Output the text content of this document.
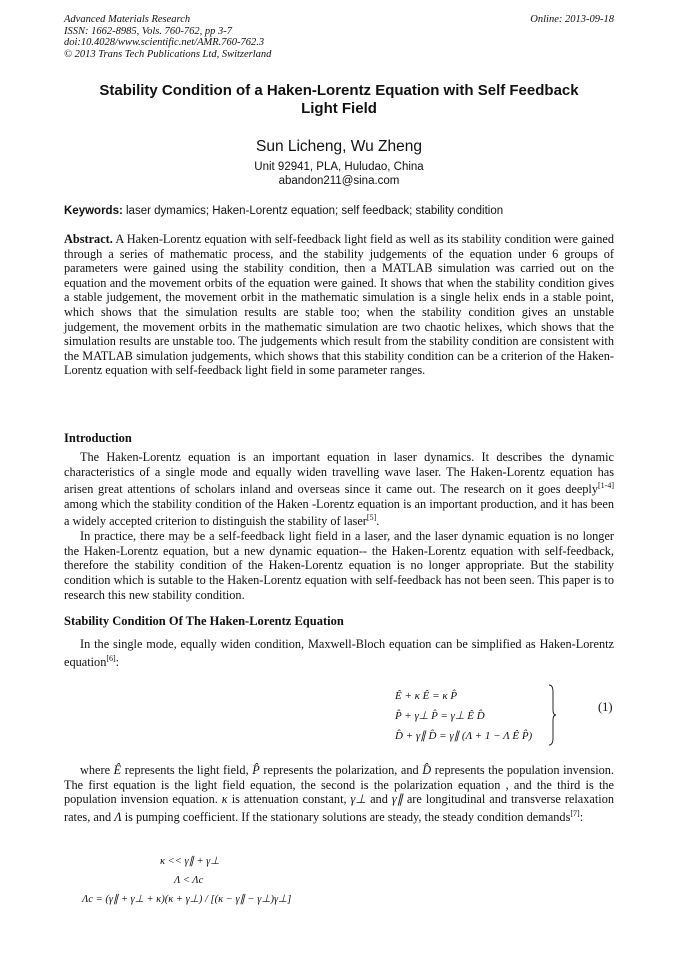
Advanced Materials Research
ISSN: 1662-8985, Vols. 760-762, pp 3-7
doi:10.4028/www.scientific.net/AMR.760-762.3
© 2013 Trans Tech Publications Ltd, Switzerland
Online: 2013-09-18
Stability Condition of a Haken-Lorentz Equation with Self Feedback
Light Field
Sun Licheng, Wu Zheng
Unit 92941, PLA, Huludao, China
abandon211@sina.com
Keywords: laser dymamics; Haken-Lorentz equation; self feedback; stability condition

Abstract. A Haken-Lorentz equation with self-feedback light field as well as its stability condition were gained through a series of mathematic process, and the stability judgements of the equation under 6 groups of parameters were gained using the stability condition, then a MATLAB simulation was carried out on the equation and the movement orbits of the equation were gained. It shows that when the stability condition gives a stable judgement, the movement orbit in the mathematic simulation is a single helix ends in a stable point, which shows that the simulation results are stable too; when the stability condition gives an unstable judgement, the movement orbits in the mathematic simulation are two chaotic helixes, which shows that the simulation results are unstable too. The judgements which result from the stability condition are consistent with the MATLAB simulation judgements, which shows that this stability condition can be a criterion of the Haken-Lorentz equation with self-feedback light field in some parameter ranges.

Introduction

The Haken-Lorentz equation is an important equation in laser dynamics. It describes the dynamic characteristics of a single mode and equally widen travelling wave laser. The Haken-Lorentz equation has arisen great attentions of scholars inland and overseas since it came out. The research on it goes deeply[1-4] among which the stability condition of the Haken -Lorentz equation is an important production, and it has been a widely accepted criterion to distinguish the stability of laser[5].

In practice, there may be a self-feedback light field in a laser, and the laser dynamic equation is no longer the Haken-Lorentz equation, but a new dynamic equation-- the Haken-Lorentz equation with self-feedback, therefore the stability condition of the Haken-Lorentz equation is no longer appropriate. But the stability condition which is sutable to the Haken-Lorentz equation with self-feedback has not been seen. This paper is to research this new stability condition.

Stability Condition Of The Haken-Lorentz Equation

In the single mode, equally widen condition, Maxwell-Bloch equation can be simplified as Haken-Lorentz equation[6]:

Ê + κ Ê = κ P̂
P̂ + γ⊥ P̂ = γ⊥ Ê D̂
D̂ + γ∥ D̂ = γ∥ (Λ + 1 − Λ Ê P̂)
(1)

where Ê represents the light field, P̂ represents the polarization, and D̂ represents the population invension. The first equation is the light field equation, the second is the polarization equation , and the third is the population invension equation. κ is attenuation constant, γ⊥ and γ∥ are longitudinal and transverse relaxation rates, and Λ is pumping coefficient. If the stationary solutions are steady, the steady condition demands[7]:

κ << γ∥ + γ⊥
Λ < Λc
Λc = (γ∥ + γ⊥ + κ)(κ + γ⊥) / [(κ − γ∥ − γ⊥)γ⊥]
